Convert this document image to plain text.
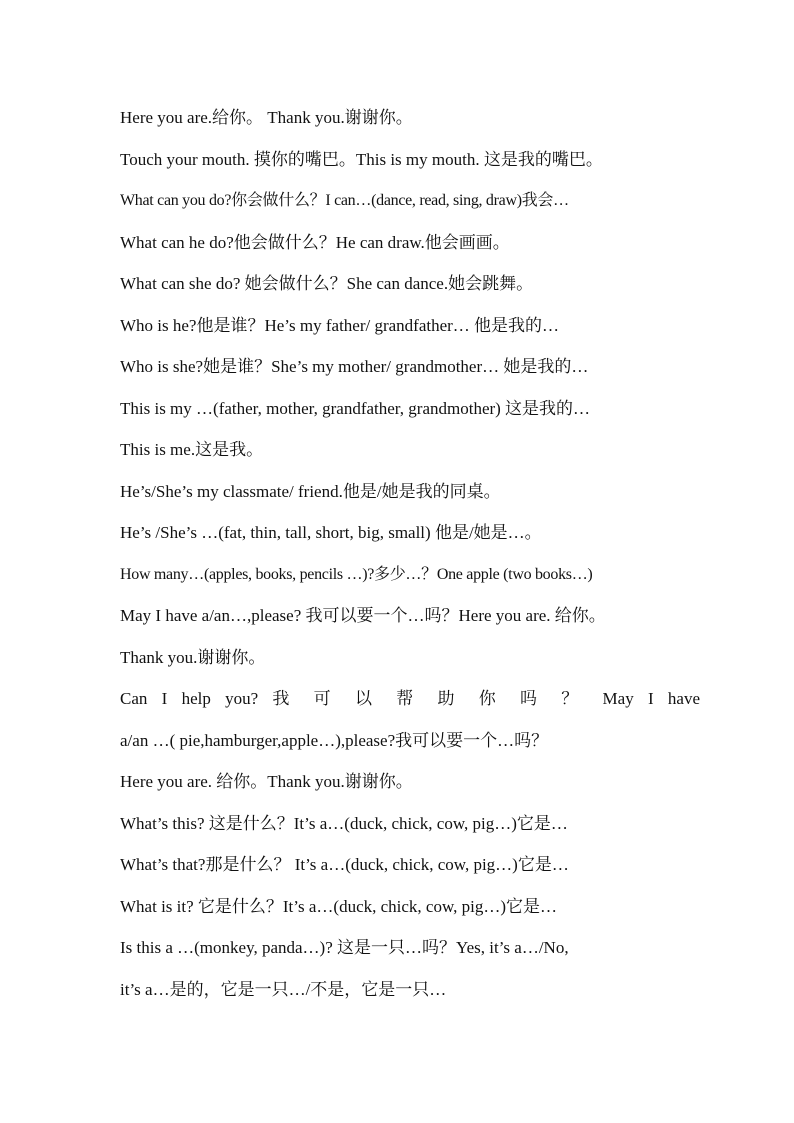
Here you are.给你。 Thank you.谢谢你。
Touch your mouth. 摸你的嘴巴。This is my mouth. 这是我的嘴巴。
What can you do?你会做什么？I can…(dance, read, sing, draw)我会…
What can he do?他会做什么？He can draw.他会画画。
What can she do? 她会做什么？She can dance.她会跳舞。
Who is he?他是谁？He’s my father/ grandfather… 他是我的…
Who is she?她是谁？She’s my mother/ grandmother… 她是我的…
This is my …(father, mother, grandfather, grandmother) 这是我的…
This is me.这是我。
He’s/She’s my classmate/ friend.他是/她是我的同桌。
He’s /She’s …(fat, thin, tall, short, big, small) 他是/她是…。
How many…(apples, books, pencils …)?多少…？One apple (two books…)
May I have a/an…,please? 我可以要一个…吗？Here you are. 给你。
Thank you.谢谢你。
Can I help you? 我 可 以 帮 助 你 吗 ？ May I have
a/an …( pie,hamburger,apple…),please?我可以要一个…吗？
Here you are. 给你。Thank you.谢谢你。
What’s this? 这是什么？It’s a…(duck, chick, cow, pig…)它是…
What’s that?那是什么？ It’s a…(duck, chick, cow, pig…)它是…
What is it? 它是什么？It’s a…(duck, chick, cow, pig…)它是…
Is this a …(monkey, panda…)? 这是一只…吗？Yes, it’s a…/No,
it’s a…是的，它是一只…/不是，它是一只…
